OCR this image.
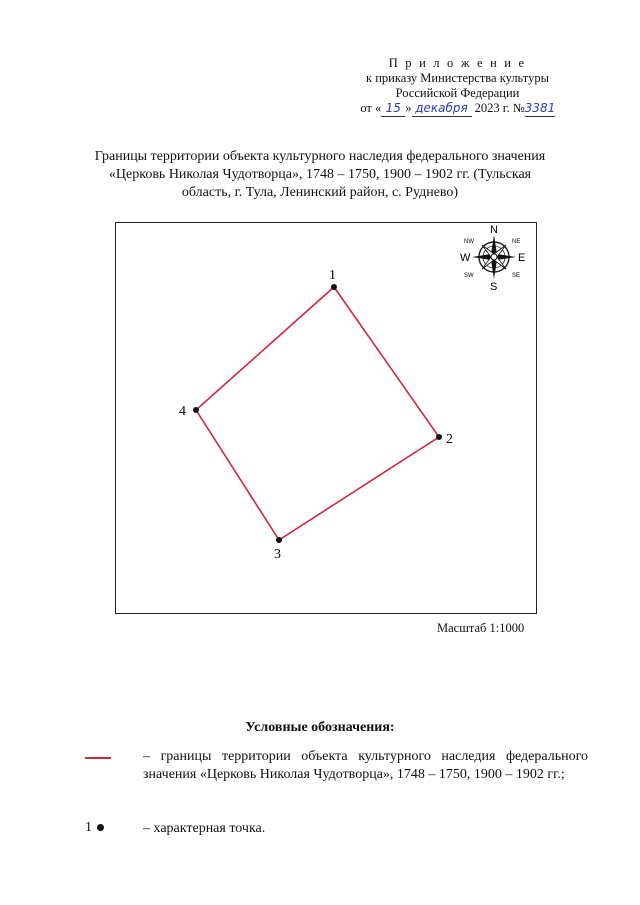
П р и л о ж е н и е
к приказу Министерства культуры
Российской Федерации
от « 15 » декабря 2023 г. №3381
Границы территории объекта культурного наследия федерального значения
«Церковь Николая Чудотворца», 1748 – 1750, 1900 – 1902 гг. (Тульская
область, г. Тула, Ленинский район, с. Руднево)
1
2
3
4
N
S
E
W
NW	NE
SW	SE
Масштаб 1:1000
Условные обозначения:
– границы территории объекта культурного наследия федерального значения «Церковь Николая Чудотворца», 1748 – 1750, 1900 – 1902 гг.;
1	– характерная точка.
